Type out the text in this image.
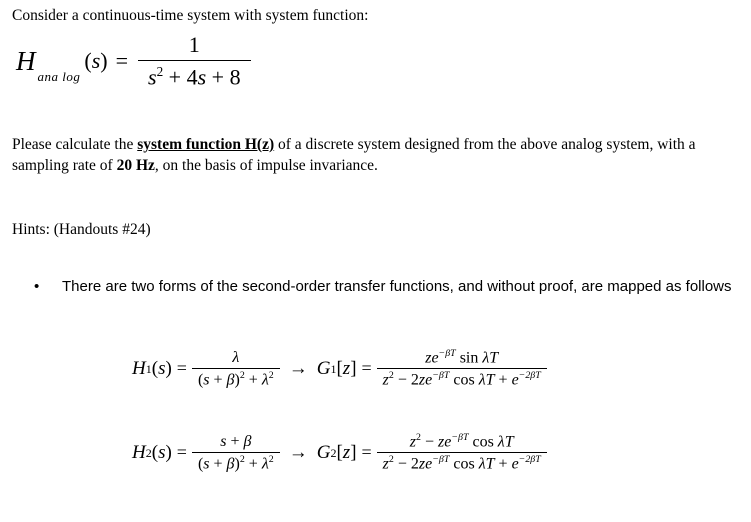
Consider a continuous-time system with system function:
H
ana log
$(s) = \frac{1}{s^2 + 4s + 8}$
Please calculate the system function H(z) of a discrete system designed from the above analog system, with a sampling rate of 20 Hz, on the basis of impulse invariance.
Hints: (Handouts #24)
•	There are two forms of the second-order transfer functions, and without proof, are mapped as follows
H 1 (s) =
λ
$(s + \beta)^2 + \lambda^2 \to G$ 1 [z] =
$ze^{-\beta T}$ sin λT
$z^2 - 2ze^{-\beta T}$ $\cos \lambda T + e^{-2\beta T}$
H 2 (s) =
s + β
$(s + \beta)^2 + \lambda^2 \to G$ 2 [z] =
$z^2 - ze^{-\beta T}$ cos λT
$z^2 - 2ze^{-\beta T}$ $\cos \lambda T + e^{-2\beta T}$
